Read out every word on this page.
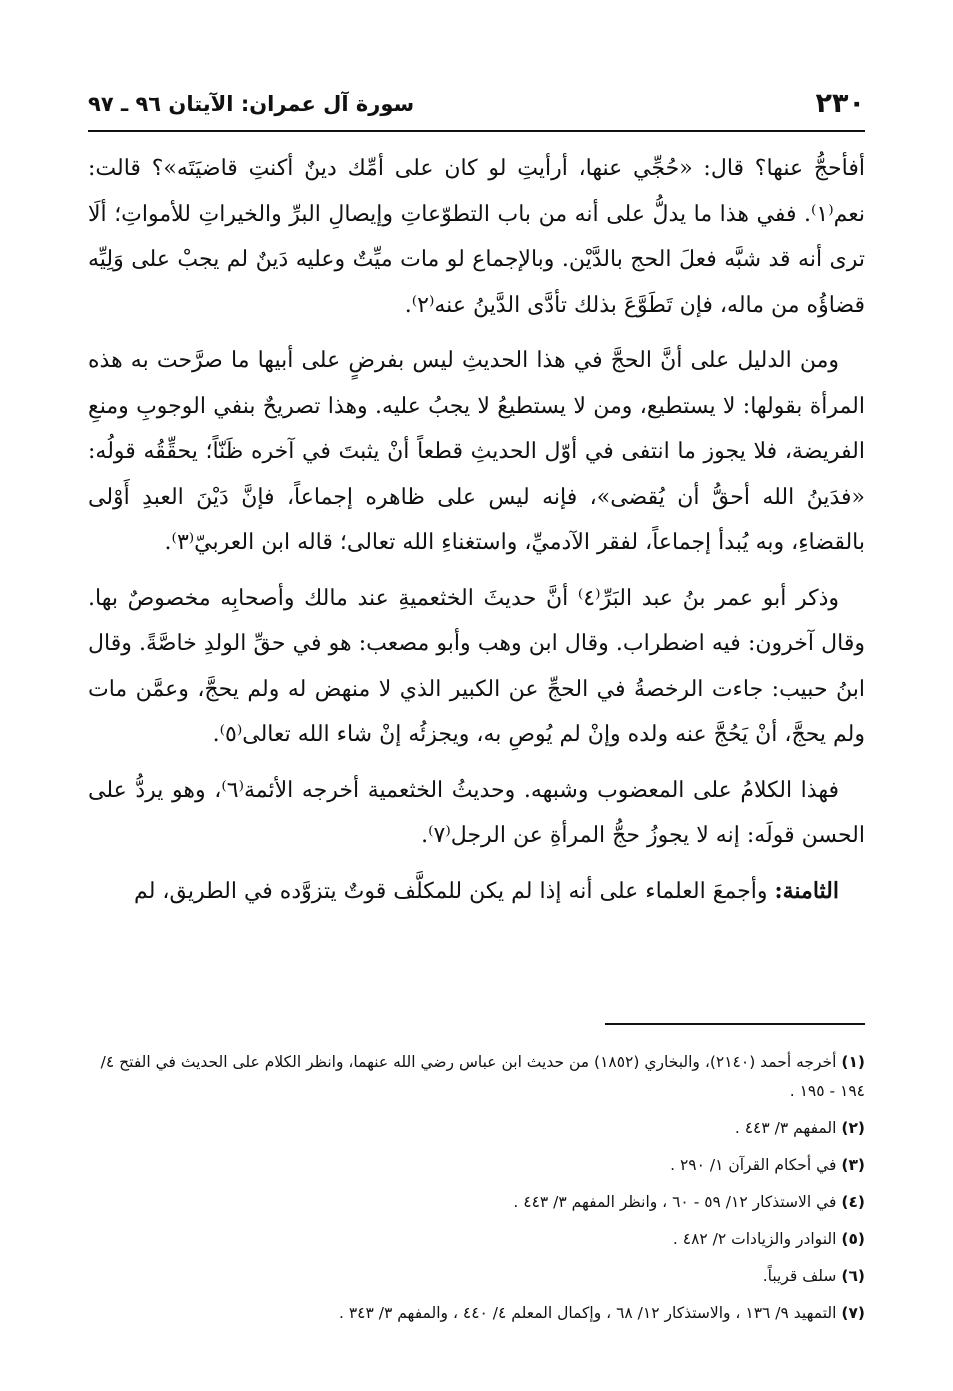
سورة آل عمران: الآيتان ٩٦ ـ ٩٧	٢٣٠

أفأحجُّ عنها؟ قال: «حُجِّي عنها، أرأيتِ لو كان على أمِّك دينٌ أكنتِ قاضيَتَه»؟ قالت: نعم⁽١⁾. ففي هذا ما يدلُّ على أنه من باب التطوّعاتِ وإيصالِ البرِّ والخيراتِ للأمواتِ؛ ألَا ترى أنه قد شبَّه فعلَ الحج بالدَّيْن. وبالإجماع لو مات ميِّتٌ وعليه دَينٌ لم يجبْ على وَلِيِّه قضاؤُه من ماله، فإن تَطَوَّعَ بذلك تأدَّى الدَّينُ عنه⁽٢⁾.

ومن الدليل على أنَّ الحجَّ في هذا الحديثِ ليس بفرضٍ على أبيها ما صرَّحت به هذه المرأة بقولها: لا يستطيع، ومن لا يستطيعُ لا يجبُ عليه. وهذا تصريحٌ بنفي الوجوبِ ومنعِ الفريضة، فلا يجوز ما انتفى في أوّل الحديثِ قطعاً أنْ يثبتَ في آخره ظَنّاً؛ يحقِّقُه قولُه: «فدَينُ الله أحقُّ أن يُقضى»، فإنه ليس على ظاهره إجماعاً، فإنَّ دَيْنَ العبدِ أَوْلى بالقضاءِ، وبه يُبدأ إجماعاً، لفقر الآدميِّ، واستغناءِ الله تعالى؛ قاله ابن العربيّ⁽٣⁾.

وذكر أبو عمر بنُ عبد البَرِّ⁽٤⁾ أنَّ حديثَ الخثعميةِ عند مالك وأصحابِه مخصوصٌ بها. وقال آخرون: فيه اضطراب. وقال ابن وهب وأبو مصعب: هو في حقِّ الولدِ خاصَّةً. وقال ابنُ حبيب: جاءت الرخصةُ في الحجِّ عن الكبير الذي لا منهض له ولم يحجَّ، وعمَّن مات ولم يحجَّ، أنْ يَحُجَّ عنه ولده وإنْ لم يُوصِ به، ويجزئُه إنْ شاء الله تعالى⁽٥⁾.

فهذا الكلامُ على المعضوب وشبهه. وحديثُ الخثعمية أخرجه الأئمة⁽٦⁾، وهو يردُّ على الحسن قولَه: إنه لا يجوزُ حجُّ المرأةِ عن الرجل⁽٧⁾.

الثامنة: وأجمعَ العلماء على أنه إذا لم يكن للمكلَّف قوتٌ يتزوَّده في الطريق، لم

(١) أخرجه أحمد (٢١٤٠)، والبخاري (١٨٥٢) من حديث ابن عباس رضي الله عنهما، وانظر الكلام على الحديث في الفتح ٤/ ١٩٤ - ١٩٥ .
(٢) المفهم ٣/ ٤٤٣ .
(٣) في أحكام القرآن ١/ ٢٩٠ .
(٤) في الاستذكار ١٢/ ٥٩ - ٦٠ ، وانظر المفهم ٣/ ٤٤٣ .
(٥) النوادر والزيادات ٢/ ٤٨٢ .
(٦) سلف قريباً.
(٧) التمهيد ٩/ ١٣٦ ، والاستذكار ١٢/ ٦٨ ، وإكمال المعلم ٤/ ٤٤٠ ، والمفهم ٣/ ٣٤٣ .
